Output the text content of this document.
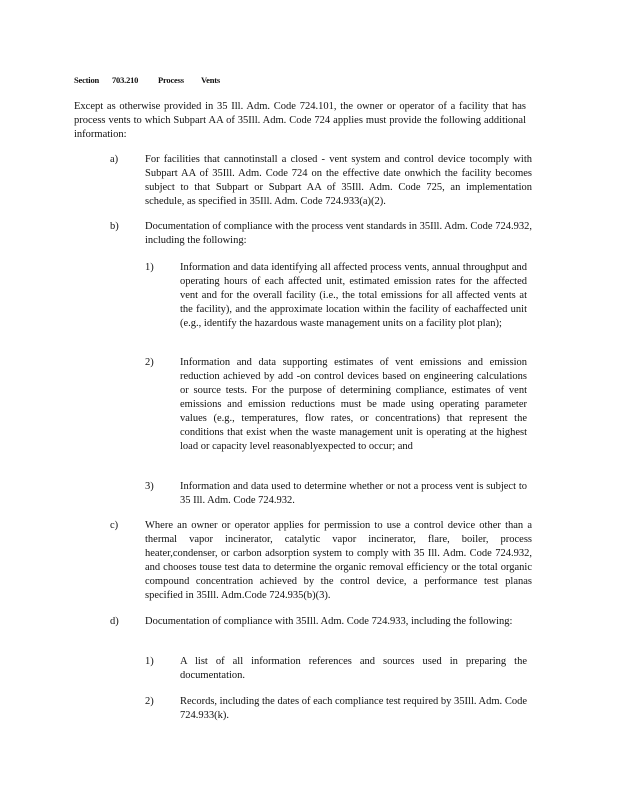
Section 703.210 Process Vents
Except as otherwise provided in 35 Ill. Adm. Code 724.101, the owner or operator of a facility that has process vents to which Subpart AA of 35Ill. Adm. Code 724 applies must provide the following additional information:
a)	For facilities that cannotinstall a closed - vent system and control device tocomply with Subpart AA of 35Ill. Adm. Code 724 on the effective date onwhich the facility becomes subject to that Subpart or Subpart AA of 35Ill. Adm. Code 725, an implementation schedule, as specified in 35Ill. Adm. Code 724.933(a)(2).
b)	Documentation of compliance with the process vent standards in 35Ill. Adm. Code 724.932, including the following:
1)	Information and data identifying all affected process vents, annual throughput and operating hours of each affected unit, estimated emission rates for the affected vent and for the overall facility (i.e., the total emissions for all affected vents at the facility), and the approximate location within the facility of eachaffected unit (e.g., identify the hazardous waste management units on a facility plot plan);
2)	Information and data supporting estimates of vent emissions and emission reduction achieved by add -on control devices based on engineering calculations or source tests. For the purpose of determining compliance, estimates of vent emissions and emission reductions must be made using operating parameter values (e.g., temperatures, flow rates, or concentrations) that represent the conditions that exist when the waste management unit is operating at the highest load or capacity level reasonablyexpected to occur; and
3)	Information and data used to determine whether or not a process vent is subject to 35 Ill. Adm. Code 724.932.
c)	Where an owner or operator applies for permission to use a control device other than a thermal vapor incinerator, catalytic vapor incinerator, flare, boiler, process heater,condenser, or carbon adsorption system to comply with 35 Ill. Adm. Code 724.932, and chooses touse test data to determine the organic removal efficiency or the total organic compound concentration achieved by the control device, a performance test planas specified in 35Ill. Adm.Code 724.935(b)(3).
d)	Documentation of compliance with 35Ill. Adm. Code 724.933, including the following:
1)	A list of all information references and sources used in preparing the documentation.
2)	Records, including the dates of each compliance test required by 35Ill. Adm. Code 724.933(k).
